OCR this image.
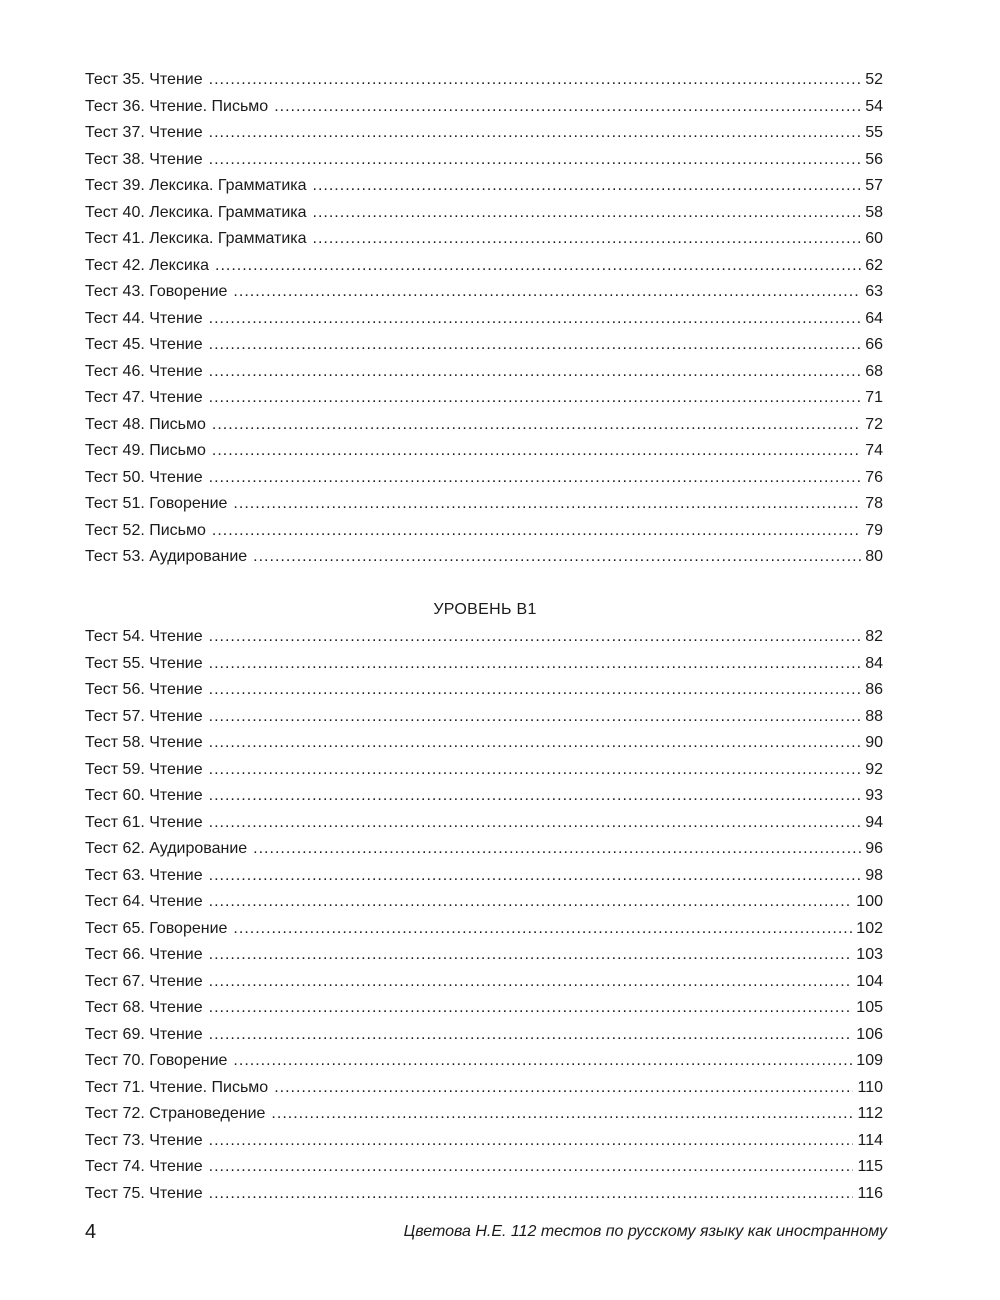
Тест 35. Чтение .....	52
Тест 36. Чтение. Письмо .....	54
Тест 37. Чтение .....	55
Тест 38. Чтение .....	56
Тест 39. Лексика. Грамматика .....	57
Тест 40. Лексика. Грамматика .....	58
Тест 41. Лексика. Грамматика .....	60
Тест 42. Лексика .....	62
Тест 43. Говорение .....	63
Тест 44. Чтение .....	64
Тест 45. Чтение .....	66
Тест 46. Чтение .....	68
Тест 47. Чтение .....	71
Тест 48. Письмо .....	72
Тест 49. Письмо .....	74
Тест 50. Чтение .....	76
Тест 51. Говорение .....	78
Тест 52. Письмо .....	79
Тест 53. Аудирование .....	80
УРОВЕНЬ В1
Тест 54. Чтение .....	82
Тест 55. Чтение .....	84
Тест 56. Чтение .....	86
Тест 57. Чтение .....	88
Тест 58. Чтение .....	90
Тест 59. Чтение .....	92
Тест 60. Чтение .....	93
Тест 61. Чтение .....	94
Тест 62. Аудирование .....	96
Тест 63. Чтение .....	98
Тест 64. Чтение .....	100
Тест 65. Говорение .....	102
Тест 66. Чтение .....	103
Тест 67. Чтение .....	104
Тест 68. Чтение .....	105
Тест 69. Чтение .....	106
Тест 70. Говорение .....	109
Тест 71. Чтение. Письмо .....	110
Тест 72. Страноведение .....	112
Тест 73. Чтение .....	114
Тест 74. Чтение .....	115
Тест 75. Чтение .....	116
4	Цветова Н.Е. 112 тестов по русскому языку как иностранному
